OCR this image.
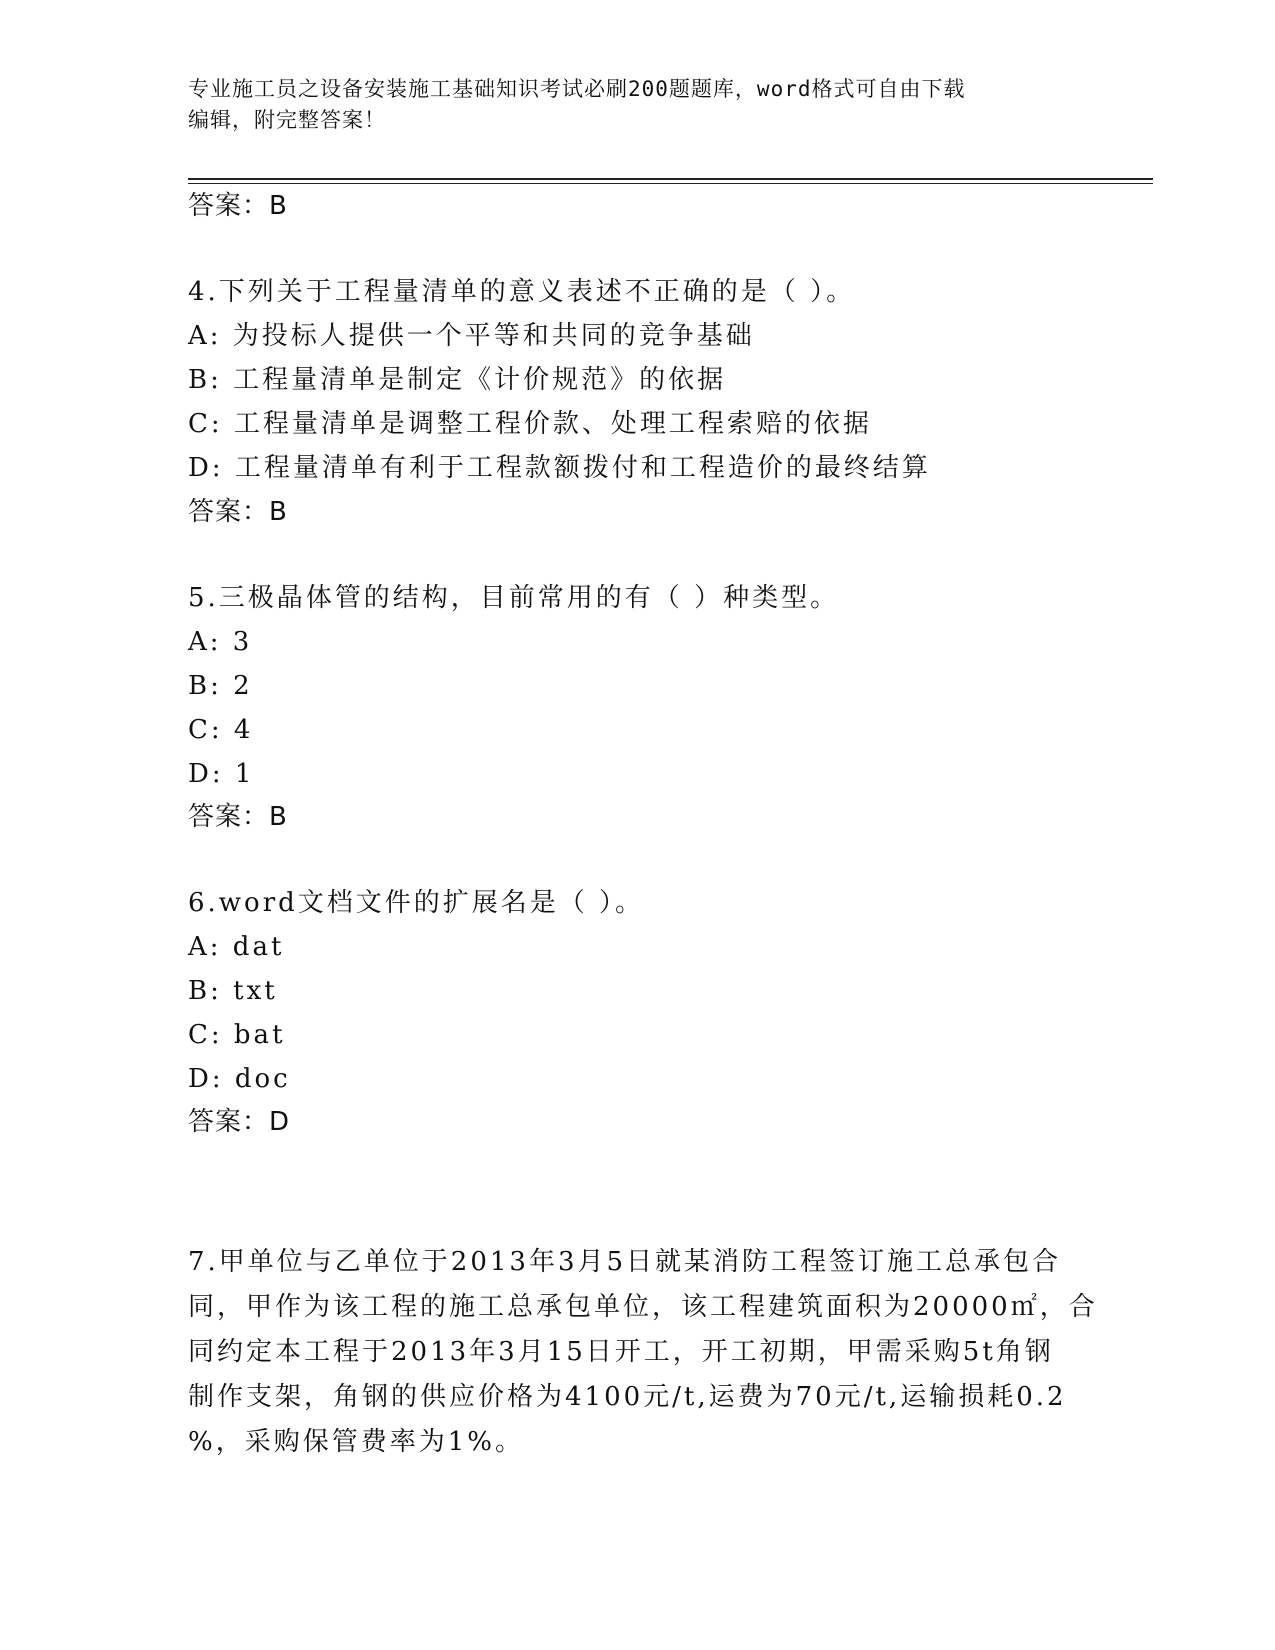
专业施工员之设备安装施工基础知识考试必刷200题题库，word格式可自由下载
编辑，附完整答案！
答案：B
4.下列关于工程量清单的意义表述不正确的是（ ）。
A: 为投标人提供一个平等和共同的竞争基础
B: 工程量清单是制定《计价规范》的依据
C: 工程量清单是调整工程价款、处理工程索赔的依据
D: 工程量清单有利于工程款额拨付和工程造价的最终结算
答案：B
5.三极晶体管的结构，目前常用的有（ ）种类型。
A: 3
B: 2
C: 4
D: 1
答案：B
6.word文档文件的扩展名是（ ）。
A: dat
B: txt
C: bat
D: doc
答案：D
7.甲单位与乙单位于2013年3月5日就某消防工程签订施工总承包合
同，甲作为该工程的施工总承包单位，该工程建筑面积为20000㎡，合
同约定本工程于2013年3月15日开工，开工初期，甲需采购5t角钢
制作支架，角钢的供应价格为4100元/t,运费为70元/t,运输损耗0.2
%，采购保管费率为1%。
